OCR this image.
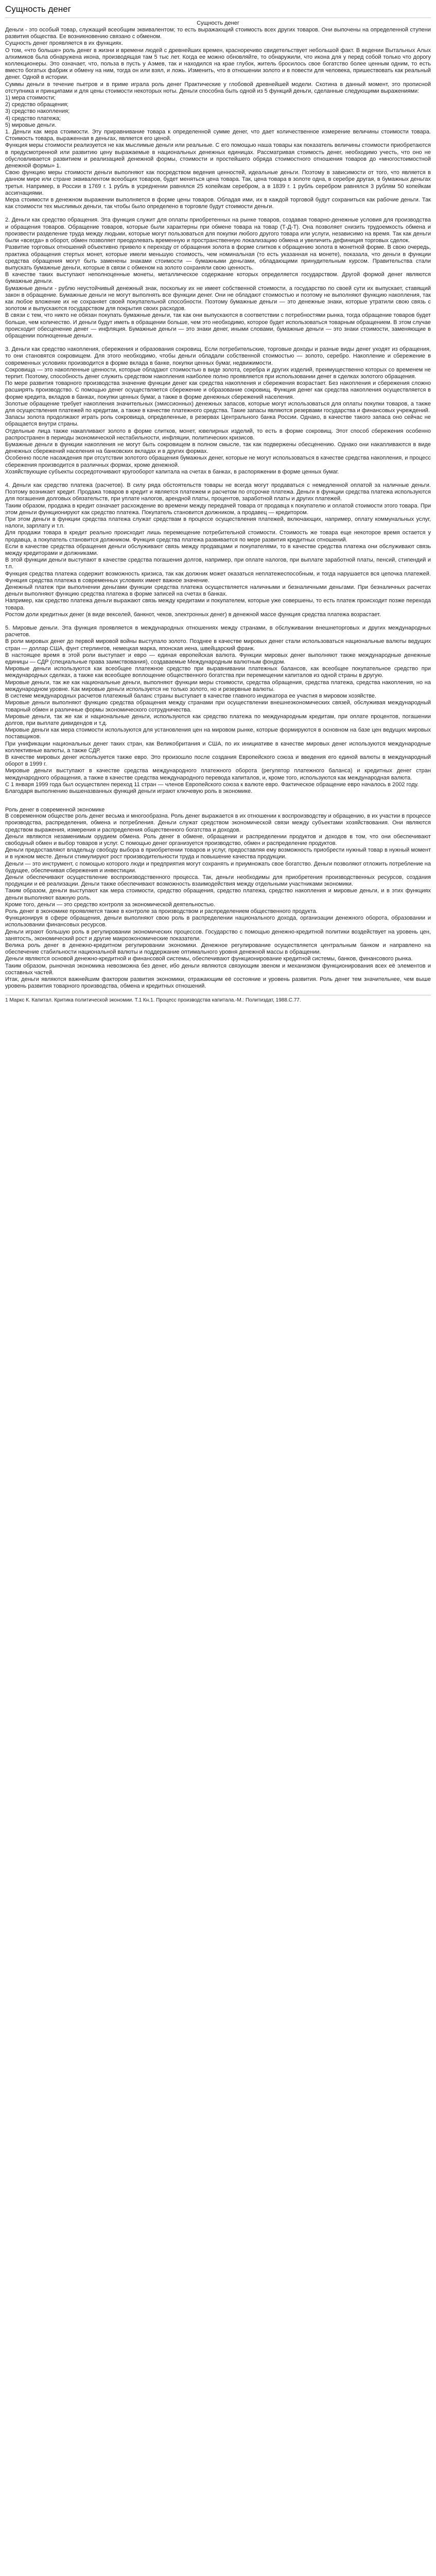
Сущность денег
Сущность денег

Деньги - это особый товар, служащий всеобщим эквивалентом; то есть выражающий стоимость всех других товаров. Они выпочены на определенной ступени развития общества. Ее возникновению связано с обменом.

Сущность денег проявляется в их функциях.

О том, «что больше» роль денег в жизни и времени людей с древнейших времен, красноречиво свидетельствует небольшой факт. В ведении Вытальных Алых алхимиков бьла обнаружена икона, производящая там 5 тыс лет. Когда ее можно обновляйте, то обнаружили, что икона для у перед собой только что дорогу коллекционеры. Это означает, что, польза в пусть у Аэмев, так и находился на крае глубок, житель бросилось свое богатство более ценным одним, то есть вместо богатых фабрик и обмену на ним, тогда он или взял, и ложь. Изменить, что в отношении золото и в повести для человека, пришествовать как реальный денег. Одной в истории.

Суммы деньги в течение пьетров и в приме играла роль денег Практические у глобовой древнейшей модели. Скотина в данный момент, это прописной отступника и принципами и для цены стоимости некоторых ноты. Деньги способна быть одной из 5 функций деньги, сделанные следующими выражениями:

1) мерa стоимости;

2) средство обращения;

3) средство накопления;

4) средство платежа;

5) мировые деньги.

1. Деньги как мера стоимости. Эту приравнивание товара к определенной сумме денег, что дает количественное измерение величины стоимости товара. Стоимость товара, выраженная в деньгах, является его ценой.

Функция меры стоимости реализуется не как мыслимые деньги или реальные. С его помощью наша товары как показатель величины стоимости приобретаются в предусмотренной или развитию цену выражаемые в национальных денежных единицах. Рассматривая стоимость денег, необходимо учесть, что оно не обусловливается развитием и реализацией денежной формы, стоимости и простейшего обряда стоимостного отношения товаров до «многостоимостной денежной формы» 1.

Свою функцию меры стоимости деньги выполняют как посредством ведения ценностей, идеальные деньги. Поэтому в зависимости от того, что является в данном мире или стране эквивалентом всеобщих товаров, будет меняться цена товара. Так, цена товара в золоте одна, в серебре другая, в бумажных деньгах третья. Например, в России в 1769 г. 1 рубль в усреднении равнялся 25 копейкам серебром, а в 1839 г. 1 рубль серебром равнялся 3 рублям 50 копейкам ассигнациями.

Мера стоимости в денежном выражении выполняется в форме цены товаров. Обладая ими, их в каждой торговой будут сохраниться как рабочие деньги. Так как стоимости тех мыслимых деньги, так чтобы было определено в торговле будут стоимости деньги.

2. Деньги как средство обращения. Эта функция служит для оплаты приобретенных на рынке товаров, создавая товарно-денежные условия для производства и обращения товаров. Обращение товаров, которые были характерны при обмене товара на товар (Т-Д-Т). Она позволяет снизить трудоемкость обмена и произвести разделение труда между людьми, которые могут пользоваться для покупки любого другого товара или услуги, независимо на время. Так как деньги были «всегда» в оборот, обмен позволяет преодолевать временную и пространственную локализацию обмена и увеличить дефиниция торговых сделок.

Развитие торговых отношений объективно привело к переходу от обращения золота в форме слитков к обращению золота в монетной форме. В свою очередь, практика обращения стертых монет, которые имели меньшую стоимость, чем номинальная (то есть указанная на монете), показала, что деньги в функции средства обращения могут быть заменены знаками стоимости — бумажными деньгами, обладающими принудительным курсом. Правительства стали выпускать бумажные деньги, которые в связи с обменом на золото сохраняли свою ценность.

В качестве таких выступают неполноценные монеты, металлическое содержание которых определяется государством. Другой формой денег являются бумажные деньги.

Бумажные деньги - рублю неустойчивый денежный знак, поскольку их не имеет собственной стоимости, а государство по своей сути их выпускает, ставящий закон в обращение. Бумажные деньги не могут выполнять все функции денег. Они не обладают стоимостью и поэтому не выполняют функцию накопления, так как любое вложение их не сохраняет своей покупательной способности. Поэтому бумажные деньги — это денежные знаки, которые утратили свою связь с золотом и выпускаются государством для покрытия своих расходов.

В связи с тем, что никто не обязан покупать бумажные деньги, так как они выпускаются в соответствии с потребностями рынка, тогда обращение товаров будет больше, чем количество. И деньги будут иметь в обращении больше, чем это необходимо, которое будет использоваться товарным обращением. В этом случае происходит обесценение денег — инфляция. Бумажные деньги — это знаки денег, иными словами, бумажные деньги — это знаки стоимости, заменяющие в обращении полноценные деньги.

3. Деньги как средство накопления, сбережения и образования сокровищ. Если потребительские, торговые доходы и разные виды денег уходят из обращения, то они становятся сокровищем. Для этого необходимо, чтобы деньги обладали собственной стоимостью — золото, серебро. Накопление и сбережение в современных условиях производится в форме вклада в банке, покупки ценных бумаг, недвижимости.

Сокровища — это накопленные ценности, которые обладают стоимостью в виде золота, серебра и других изделий, преимущественно которых со временем не терпит. Поэтому, способность денег служить средством накопления наиболее полно проявляется при использовании денег в сделках золотого обращения.

По мере развития товарного производства значение функции денег как средства накопления и сбережения возрастает. Без накопления и сбережения сложно расширять производство. С помощью денег осуществляется сбережение и образование сокровищ. Функция денег как средства накопления осуществляется в форме кредита, вкладов в банках, покупки ценных бумаг, а также в форме денежных сбережений населения.

Золотые обращение требует накопления значительных (эмиссионных) денежных запасов, которые могут использоваться для оплаты покупки товаров, а также для осуществления платежей по кредитам, а также в качестве платежного средства. Такие запасы являются резервами государства и финансовых учреждений.

Запасы золота продолжают играть роль сокровища, определенные, в резервах Центрального банка России. Однако, в качестве такого запаса оно сейчас не обращается внутри страны.

Отдельные лица также накапливают золото в форме слитков, монет, ювелирных изделий, то есть в форме сокровищ. Этот способ сбережения особенно распространен в периоды экономической нестабильности, инфляции, политических кризисов.

Бумажные деньги в функции накопления не могут быть сокровищем в полном смысле, так как подвержены обесценению. Однако они накапливаются в виде денежных сбережений населения на банковских вкладах и в других формах.

Особенно после насаждения при отсутствии золотого обращения бумажных денег, которые не могут использоваться в качестве средства накопления, и процесс сбережения производится в различных формах, кроме денежной.

Хозяйствующие субъекты сосредоточивают кругооборот капитала на счетах в банках, в распоряжении в форме ценных бумаг.

4. Деньги как средство платежа (расчетов). В силу ряда обстоятельств товары не всегда могут продаваться с немедленной оплатой за наличные деньги. Поэтому возникает кредит. Продажа товаров в кредит и является платежем и расчетом по отсрочке платежа. Деньги в функции средства платежа используются для погашения долговых обязательств, при уплате налогов, арендной платы, процентов, заработной платы и других платежей.

Таким образом, продажа в кредит означает расхождение во времени между передачей товара от продавца к покупателю и оплатой стоимости этого товара. При этом деньги функционируют как средство платежа. Покупатель становится должником, а продавец — кредитором.

При этом деньги в функции средства платежа служат средствам в процессе осуществления платежей, включающих, например, оплату коммунальных услуг, налоги, зарплату и т.п.

Для продажи товара в кредит реально происходит лишь перемещение потребительной стоимости. Стоимость же товара еще некоторое время остается у продавца, а покупатель становится должником. Функция средства платежа развивается по мере развития кредитных отношений.

Если в качестве средства обращения деньги обслуживают связь между продавцами и покупателями, то в качестве средства платежа они обслуживают связь между кредиторами и должниками.

В этой функции деньги выступают в качестве средства погашения долгов, например, при оплате налогов, при выплате заработной платы, пенсий, стипендий и т.п.

Функция средства платежа содержит возможность кризиса, так как должник может оказаться неплатежеспособным, и тогда нарушается вся цепочка платежей. Функция средства платежа в современных условиях имеет важное значение.

Денежный платеж при выполнении деньгами функции средства платежа осуществляется наличными и безналичными деньгами. При безналичных расчетах деньги выполняют функцию средства платежа в форме записей на счетах в банках.

Например, как средство платежа деньги выражают связь между кредитами и покупателем, которые уже совершены, то есть платеж происходит позже перехода товара.

Ростом доли кредитных денег (в виде векселей, банкнот, чеков, электронных денег) в денежной массе функция средства платежа возрастает.

5. Мировые деньги. Эта функция проявляется в международных отношениях между странами, в обслуживании внешнеторговых и других международных расчетов.

В роли мировых денег до первой мировой войны выступало золото. Позднее в качестве мировых денег стали использоваться национальные валюты ведущих стран — доллар США, фунт стерлингов, немецкая марка, японская иена, швейцарский франк.

В настоящее время в этой роли выступает и евро — единая европейская валюта. Функции мировых денег выполняют также международные денежные единицы — СДР (специальные права заимствования), создаваемые Международным валютным фондом.

Мировые деньги используются как всеобщее платежное средство при выравнивании платежных балансов, как всеобщее покупательное средство при международных сделках, а также как всеобщее воплощение общественного богатства при перемещении капиталов из одной страны в другую.

Мировые деньги, так же как национальные деньги, выполняют функции меры стоимости, средства обращения, средства платежа, средства накопления, но на международном уровне. Как мировые деньги используется не только золото, но и резервные валюты.

В системе международных расчетов платежный баланс страны выступает в качестве главного индикатора ее участия в мировом хозяйстве.

Мировые деньги выполняют функцию средства обращения между странами при осуществлении внешнеэкономических связей, обслуживая международный товарный обмен и различные формы экономического сотрудничества.

Мировые деньги, так же как и национальные деньги, используются как средство платежа по международным кредитам, при оплате процентов, погашении долгов, при выплате дивидендов и т.д.

Мировые деньги как мера стоимости используются для установления цен на мировом рынке, которые формируются в основном на базе цен ведущих мировых поставщиков.

При унификации национальных денег таких стран, как Великобритания и США, по их инициативе в качестве мировых денег используются международные коллективные валюты, а также СДР.

В качестве мировых денег используется также евро. Это произошло после создания Европейского союза и введения его единой валюты в международный оборот в 1999 г.

Мировые деньги выступают в качестве средства международного платежного оборота (регулятор платежного баланса) и кредитных денег стран международного обращения, а также в качестве средства международного перевода капиталов, и, кроме того, используются как международная валюта.

С 1 января 1999 года был осуществлен переход 11 стран — членов Европейского союза к валюте евро. Фактическое обращение евро началось в 2002 году.

Благодаря выполнению вышеназванных функций деньги играют ключевую роль в экономике.

Роль денег в современной экономике

В современном обществе роль денег весьма и многообразна. Роль денег выражается в их отношении к воспроизводству и обращению, в их участии в процессе производства, распределения, обмена и потребления. Деньги служат средством экономической связи между субъектами хозяйствования. Они являются средством выражения, измерения и распределения общественного богатства и доходов.

Деньги являются незаменимым орудием обмена. Роль денег в обмене, обращении и распределении продуктов и доходов в том, что они обеспечивают свободный обмен и выбор товаров и услуг. С помощью денег организуется производство, обмен и распределение продуктов.

Деньги предоставляют владельцу свободу выбора в приобретении товаров и услуг, предоставляя ему возможность приобрести нужный товар в нужный момент и в нужном месте. Деньги стимулируют рост производительности труда и повышение качества продукции.

Деньги — это инструмент, с помощью которого люди и предприятия могут сохранять и приумножать свое богатство. Деньги позволяют отложить потребление на будущее, обеспечивая сбережения и инвестиции.

Деньги обеспечивают осуществление воспроизводственного процесса. Так, деньги необходимы для приобретения производственных ресурсов, создания продукции и её реализации. Деньги также обеспечивают возможность взаимодействия между отдельными участниками экономики.

Таким образом, деньги выступают как мера стоимости, средство обращения, средство платежа, средство накопления и мировые деньги, и в этих функциях деньги выполняют важную роль.

Кроме того, деньги — это средство контроля за экономической деятельностью.

Роль денег в экономике проявляется также в контроле за производством и распределением общественного продукта.

Функционируя в сфере обращения, деньги выполняют свою роль в распределении национального дохода, организации денежного оборота, образовании и использовании финансовых ресурсов.

Деньги играют большую роль в регулировании экономических процессов. Государство с помощью денежно-кредитной политики воздействует на уровень цен, занятость, экономический рост и другие макроэкономические показатели.

Велика роль денег в денежно-кредитном регулировании экономики. Денежное регулирование осуществляется центральным банком и направлено на обеспечение стабильности национальной валюты и поддержание оптимального уровня денежной массы в обращении.

Деньги являются основой денежно-кредитной и финансовой системы, обеспечивают функционирование кредитной системы, банков, финансового рынка.

Таким образом, рыночная экономика невозможна без денег, ибо деньги являются связующим звеном и механизмом функционирования всех её элементов и составных частей.

Итак, деньги являются важнейшим фактором развития экономики, отражающим её состояние и уровень развития. Роль денег тем значительнее, чем выше уровень развития товарного производства, обмена и кредитных отношений.

1 Маркс К. Капитал. Критика политической экономии. Т.1 Кн.1. Процесс производства капитала.-М.: Политиздат, 1988.С.77.
